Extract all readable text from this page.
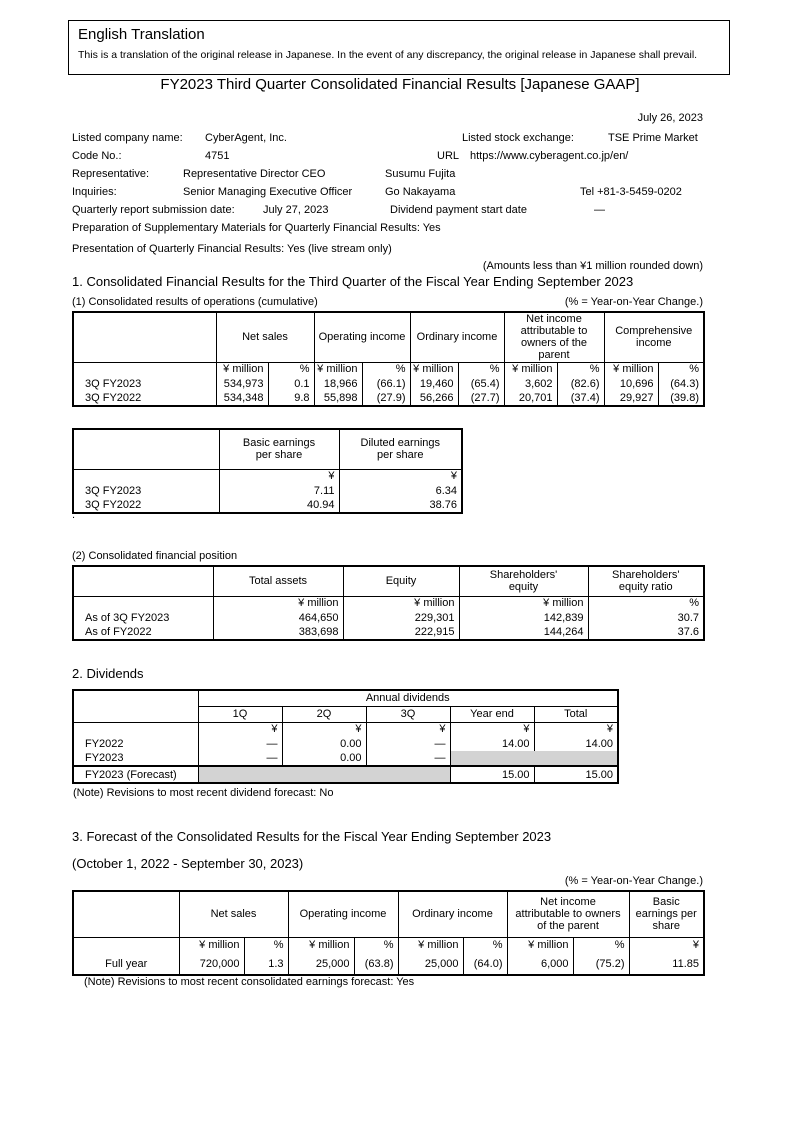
English Translation
This is a translation of the original release in Japanese. In the event of any discrepancy, the original release in Japanese shall prevail.
FY2023 Third Quarter Consolidated Financial Results [Japanese GAAP]
July 26, 2023
Listed company name: CyberAgent, Inc.	Listed stock exchange:	TSE Prime Market
Code No.:	4751	URL https://www.cyberagent.co.jp/en/
Representative:	Representative Director CEO	Susumu Fujita
Inquiries:	Senior Managing Executive Officer	Go Nakayama	Tel +81-3-5459-0202
Quarterly report submission date:	July 27, 2023	Dividend payment start date	—
Preparation of Supplementary Materials for Quarterly Financial Results: Yes
Presentation of Quarterly Financial Results: Yes (live stream only)
(Amounts less than ¥1 million rounded down)
1. Consolidated Financial Results for the Third Quarter of the Fiscal Year Ending September 2023
(1) Consolidated results of operations (cumulative)	(% = Year-on-Year Change.)

	Net sales		Operating income		Ordinary income		Net income attributable to owners of the parent		Comprehensive income	

	¥ million	%	¥ million	%	¥ million	%	¥ million	%	¥ million	%
3Q FY2023	534,973	0.1	18,966	(66.1)	19,460	(65.4)	3,602	(82.6)	10,696	(64.3)
3Q FY2022	534,348	9.8	55,898	(27.9)	56,266	(27.7)	20,701	(37.4)	29,927	(39.8)

	Basic earnings per share	Diluted earnings per share

	¥	¥
3Q FY2023	7.11	6.34
3Q FY2022	40.94	38.76
.
(2) Consolidated financial position

	Total assets	Equity	Shareholders' equity	Shareholders' equity ratio

	¥ million	¥ million	¥ million	%
As of 3Q FY2023	464,650	229,301	142,839	30.7
As of FY2022	383,698	222,915	144,264	37.6
2. Dividends
	Annual dividends				
	1Q	2Q	3Q	Year end	Total
	¥	¥	¥	¥	¥
FY2022	—	0.00	—	14.00	14.00
FY2023	—	0.00	—		
FY2023 (Forecast)				15.00	15.00
(Note) Revisions to most recent dividend forecast: No
3. Forecast of the Consolidated Results for the Fiscal Year Ending September 2023
(October 1, 2022 - September 30, 2023)
(% = Year-on-Year Change.)

	Net sales		Operating income		Ordinary income		Net income attributable to owners of the parent		Basic earnings per share

	¥ million	%	¥ million	%	¥ million	%	¥ million	%	¥
Full year	720,000	1.3	25,000	(63.8)	25,000	(64.0)	6,000	(75.2)	11.85
(Note) Revisions to most recent consolidated earnings forecast: Yes
